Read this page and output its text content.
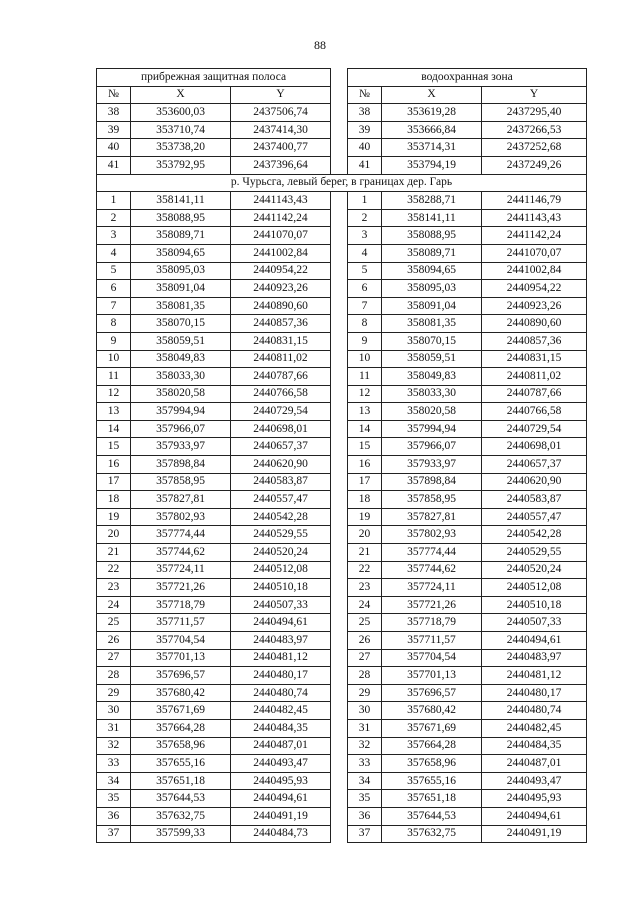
88
прибрежная защитная полоса				водоохранная зона		
№	X	Y		№	X	Y
38	353600,03	2437506,74		38	353619,28	2437295,40
39	353710,74	2437414,30		39	353666,84	2437266,53
40	353738,20	2437400,77		40	353714,31	2437252,68
41	353792,95	2437396,64		41	353794,19	2437249,26
р. Чурьсга, левый берег, в границах дер. Гарь						
1	358141,11	2441143,43		1	358288,71	2441146,79
2	358088,95	2441142,24		2	358141,11	2441143,43
3	358089,71	2441070,07		3	358088,95	2441142,24
4	358094,65	2441002,84		4	358089,71	2441070,07
5	358095,03	2440954,22		5	358094,65	2441002,84
6	358091,04	2440923,26		6	358095,03	2440954,22
7	358081,35	2440890,60		7	358091,04	2440923,26
8	358070,15	2440857,36		8	358081,35	2440890,60
9	358059,51	2440831,15		9	358070,15	2440857,36
10	358049,83	2440811,02		10	358059,51	2440831,15
11	358033,30	2440787,66		11	358049,83	2440811,02
12	358020,58	2440766,58		12	358033,30	2440787,66
13	357994,94	2440729,54		13	358020,58	2440766,58
14	357966,07	2440698,01		14	357994,94	2440729,54
15	357933,97	2440657,37		15	357966,07	2440698,01
16	357898,84	2440620,90		16	357933,97	2440657,37
17	357858,95	2440583,87		17	357898,84	2440620,90
18	357827,81	2440557,47		18	357858,95	2440583,87
19	357802,93	2440542,28		19	357827,81	2440557,47
20	357774,44	2440529,55		20	357802,93	2440542,28
21	357744,62	2440520,24		21	357774,44	2440529,55
22	357724,11	2440512,08		22	357744,62	2440520,24
23	357721,26	2440510,18		23	357724,11	2440512,08
24	357718,79	2440507,33		24	357721,26	2440510,18
25	357711,57	2440494,61		25	357718,79	2440507,33
26	357704,54	2440483,97		26	357711,57	2440494,61
27	357701,13	2440481,12		27	357704,54	2440483,97
28	357696,57	2440480,17		28	357701,13	2440481,12
29	357680,42	2440480,74		29	357696,57	2440480,17
30	357671,69	2440482,45		30	357680,42	2440480,74
31	357664,28	2440484,35		31	357671,69	2440482,45
32	357658,96	2440487,01		32	357664,28	2440484,35
33	357655,16	2440493,47		33	357658,96	2440487,01
34	357651,18	2440495,93		34	357655,16	2440493,47
35	357644,53	2440494,61		35	357651,18	2440495,93
36	357632,75	2440491,19		36	357644,53	2440494,61
37	357599,33	2440484,73		37	357632,75	2440491,19
